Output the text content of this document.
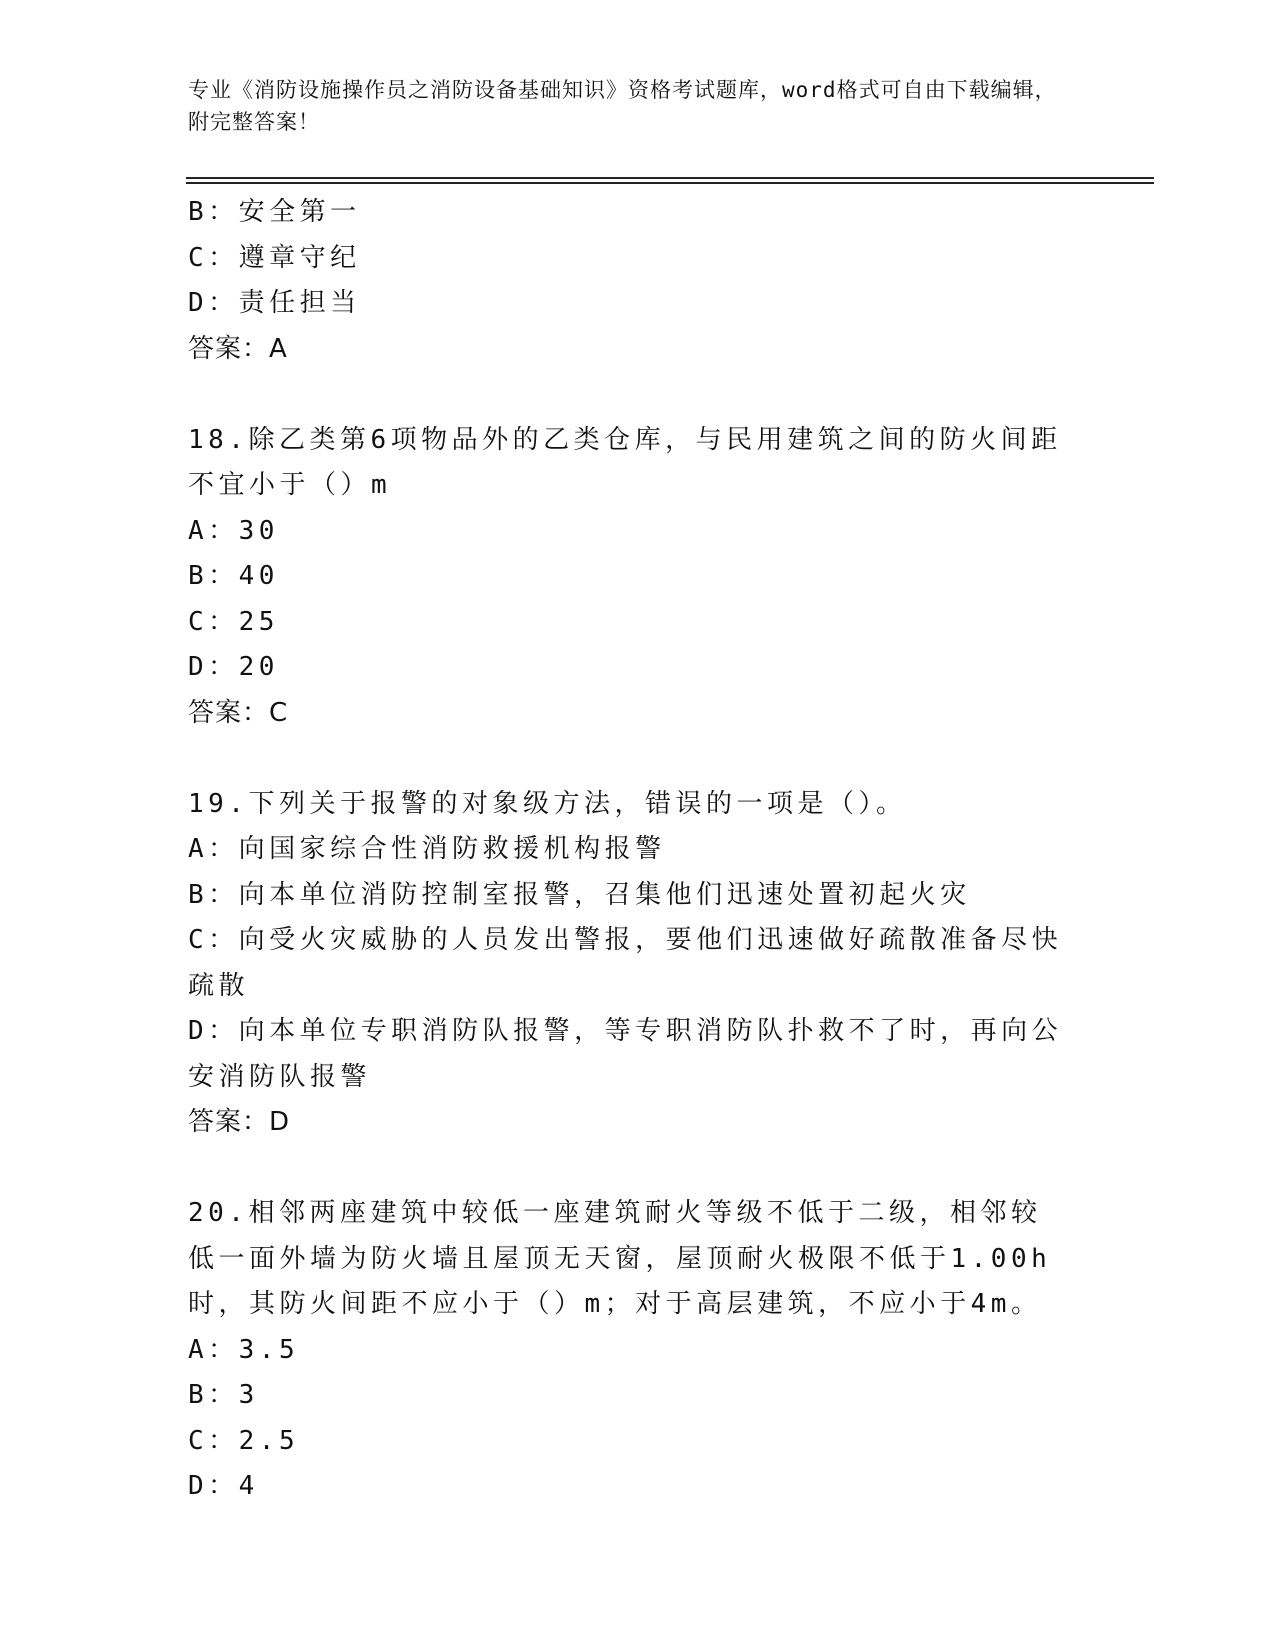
专业《消防设施操作员之消防设备基础知识》资格考试题库，word格式可自由下载编辑，附完整答案！
B：安全第一
C：遵章守纪
D：责任担当
答案：A
18.除乙类第6项物品外的乙类仓库，与民用建筑之间的防火间距不宜小于（）m
A：30
B：40
C：25
D：20
答案：C
19.下列关于报警的对象级方法，错误的一项是（）。
A：向国家综合性消防救援机构报警
B：向本单位消防控制室报警，召集他们迅速处置初起火灾
C：向受火灾威胁的人员发出警报，要他们迅速做好疏散准备尽快疏散
D：向本单位专职消防队报警，等专职消防队扑救不了时，再向公安消防队报警
答案：D
20.相邻两座建筑中较低一座建筑耐火等级不低于二级，相邻较低一面外墙为防火墙且屋顶无天窗，屋顶耐火极限不低于1.00h时，其防火间距不应小于（）m；对于高层建筑，不应小于4m。
A：3.5
B：3
C：2.5
D：4
